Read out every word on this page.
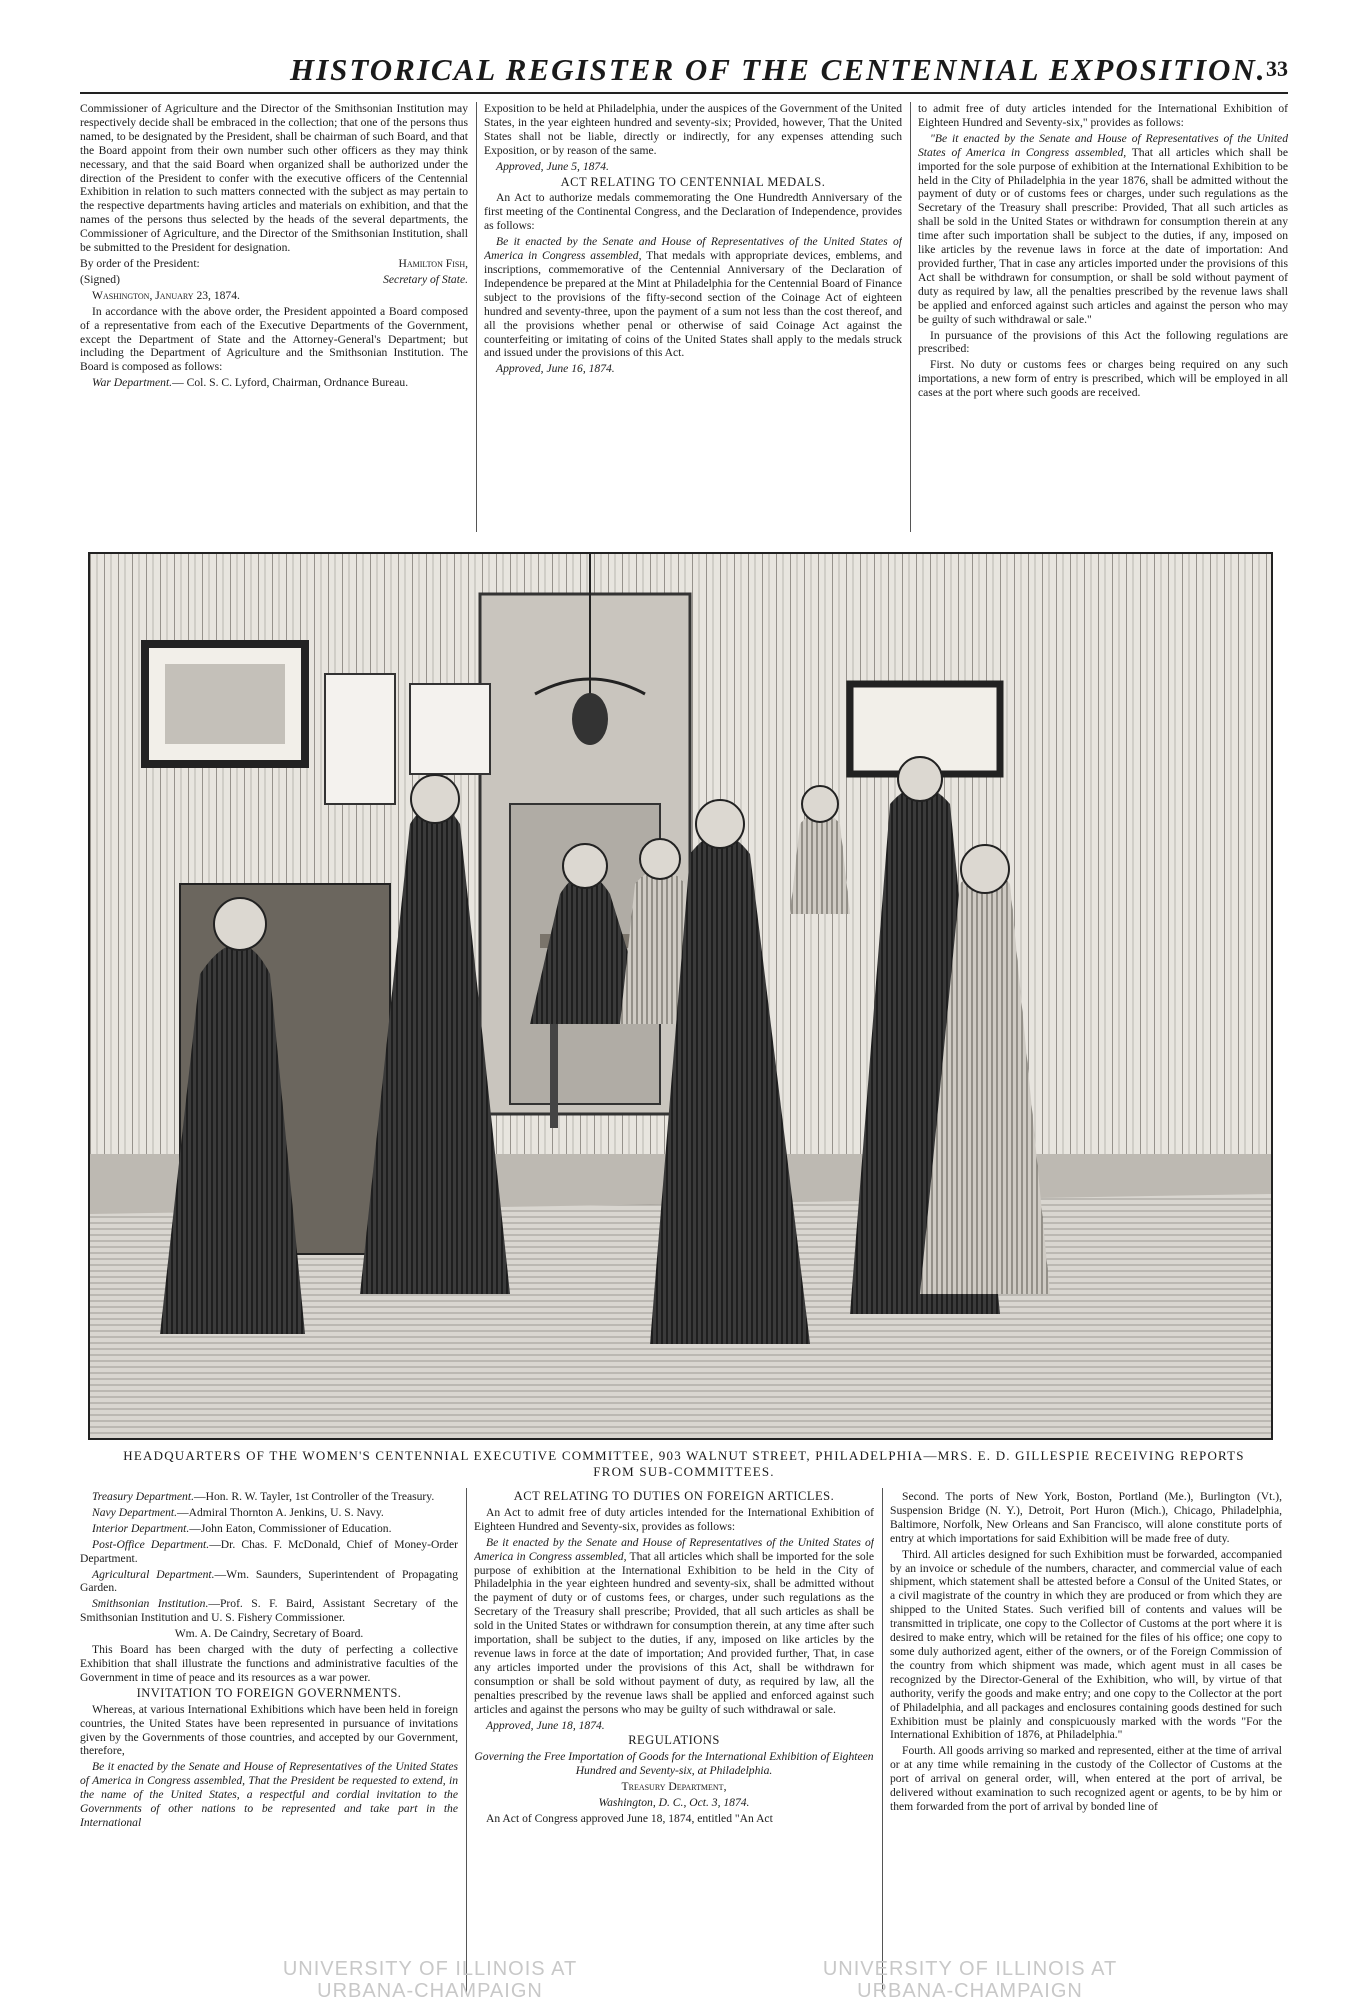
HISTORICAL REGISTER OF THE CENTENNIAL EXPOSITION. 33

Commissioner of Agriculture and the Director of the Smithsonian Institution may respectively decide shall be embraced in the collection; that one of the persons thus named, to be designated by the President, shall be chairman of such Board, and that the Board appoint from their own number such other officers as they may think necessary, and that the said Board when organized shall be authorized under the direction of the President to confer with the executive officers of the Centennial Exhibition in relation to such matters connected with the subject as may pertain to the respective departments having articles and materials on exhibition, and that the names of the persons thus selected by the heads of the several departments, the Commissioner of Agriculture, and the Director of the Smithsonian Institution, shall be submitted to the President for designation.

By order of the President:	Hamilton Fish,

(Signed)	Secretary of State.

Washington, January 23, 1874.

In accordance with the above order, the President appointed a Board composed of a representative from each of the Executive Departments of the Government, except the Department of State and the Attorney-General's Department; but including the Department of Agriculture and the Smithsonian Institution. The Board is composed as follows:

War Department.— Col. S. C. Lyford, Chairman, Ordnance Bureau.

Exposition to be held at Philadelphia, under the auspices of the Government of the United States, in the year eighteen hundred and seventy-six; Provided, however, That the United States shall not be liable, directly or indirectly, for any expenses attending such Exposition, or by reason of the same.

Approved, June 5, 1874.

ACT RELATING TO CENTENNIAL MEDALS.

An Act to authorize medals commemorating the One Hundredth Anniversary of the first meeting of the Continental Congress, and the Declaration of Independence, provides as follows:

Be it enacted by the Senate and House of Representatives of the United States of America in Congress assembled, That medals with appropriate devices, emblems, and inscriptions, commemorative of the Centennial Anniversary of the Declaration of Independence be prepared at the Mint at Philadelphia for the Centennial Board of Finance subject to the provisions of the fifty-second section of the Coinage Act of eighteen hundred and seventy-three, upon the payment of a sum not less than the cost thereof, and all the provisions whether penal or otherwise of said Coinage Act against the counterfeiting or imitating of coins of the United States shall apply to the medals struck and issued under the provisions of this Act.

Approved, June 16, 1874.

to admit free of duty articles intended for the International Exhibition of Eighteen Hundred and Seventy-six," provides as follows:

"Be it enacted by the Senate and House of Representatives of the United States of America in Congress assembled, That all articles which shall be imported for the sole purpose of exhibition at the International Exhibition to be held in the City of Philadelphia in the year 1876, shall be admitted without the payment of duty or of customs fees or charges, under such regulations as the Secretary of the Treasury shall prescribe: Provided, That all such articles as shall be sold in the United States or withdrawn for consumption therein at any time after such importation shall be subject to the duties, if any, imposed on like articles by the revenue laws in force at the date of importation: And provided further, That in case any articles imported under the provisions of this Act shall be withdrawn for consumption, or shall be sold without payment of duty as required by law, all the penalties prescribed by the revenue laws shall be applied and enforced against such articles and against the person who may be guilty of such withdrawal or sale."

In pursuance of the provisions of this Act the following regulations are prescribed:

First. No duty or customs fees or charges being required on any such importations, a new form of entry is prescribed, which will be employed in all cases at the port where such goods are received.

HEADQUARTERS OF THE WOMEN'S CENTENNIAL EXECUTIVE COMMITTEE, 903 WALNUT STREET, PHILADELPHIA—MRS. E. D. GILLESPIE RECEIVING REPORTS FROM SUB-COMMITTEES.

Treasury Department.—Hon. R. W. Tayler, 1st Controller of the Treasury.

Navy Department.—Admiral Thornton A. Jenkins, U. S. Navy.

Interior Department.—John Eaton, Commissioner of Education.

Post-Office Department.—Dr. Chas. F. McDonald, Chief of Money-Order Department.

Agricultural Department.—Wm. Saunders, Superintendent of Propagating Garden.

Smithsonian Institution.—Prof. S. F. Baird, Assistant Secretary of the Smithsonian Institution and U. S. Fishery Commissioner.

Wm. A. De Caindry, Secretary of Board.

This Board has been charged with the duty of perfecting a collective Exhibition that shall illustrate the functions and administrative faculties of the Government in time of peace and its resources as a war power.

INVITATION TO FOREIGN GOVERNMENTS.

Whereas, at various International Exhibitions which have been held in foreign countries, the United States have been represented in pursuance of invitations given by the Governments of those countries, and accepted by our Government, therefore,

Be it enacted by the Senate and House of Representatives of the United States of America in Congress assembled, That the President be requested to extend, in the name of the United States, a respectful and cordial invitation to the Governments of other nations to be represented and take part in the International

ACT RELATING TO DUTIES ON FOREIGN ARTICLES.

An Act to admit free of duty articles intended for the International Exhibition of Eighteen Hundred and Seventy-six, provides as follows:

Be it enacted by the Senate and House of Representatives of the United States of America in Congress assembled, That all articles which shall be imported for the sole purpose of exhibition at the International Exhibition to be held in the City of Philadelphia in the year eighteen hundred and seventy-six, shall be admitted without the payment of duty or of customs fees, or charges, under such regulations as the Secretary of the Treasury shall prescribe; Provided, that all such articles as shall be sold in the United States or withdrawn for consumption therein, at any time after such importation, shall be subject to the duties, if any, imposed on like articles by the revenue laws in force at the date of importation; And provided further, That, in case any articles imported under the provisions of this Act, shall be withdrawn for consumption or shall be sold without payment of duty, as required by law, all the penalties prescribed by the revenue laws shall be applied and enforced against such articles and against the persons who may be guilty of such withdrawal or sale.

Approved, June 18, 1874.

REGULATIONS

Governing the Free Importation of Goods for the International Exhibition of Eighteen Hundred and Seventy-six, at Philadelphia.

Treasury Department,

Washington, D. C., Oct. 3, 1874.

An Act of Congress approved June 18, 1874, entitled "An Act

Second. The ports of New York, Boston, Portland (Me.), Burlington (Vt.), Suspension Bridge (N. Y.), Detroit, Port Huron (Mich.), Chicago, Philadelphia, Baltimore, Norfolk, New Orleans and San Francisco, will alone constitute ports of entry at which importations for said Exhibition will be made free of duty.

Third. All articles designed for such Exhibition must be forwarded, accompanied by an invoice or schedule of the numbers, character, and commercial value of each shipment, which statement shall be attested before a Consul of the United States, or a civil magistrate of the country in which they are produced or from which they are shipped to the United States. Such verified bill of contents and values will be transmitted in triplicate, one copy to the Collector of Customs at the port where it is desired to make entry, which will be retained for the files of his office; one copy to some duly authorized agent, either of the owners, or of the Foreign Commission of the country from which shipment was made, which agent must in all cases be recognized by the Director-General of the Exhibition, who will, by virtue of that authority, verify the goods and make entry; and one copy to the Collector at the port of Philadelphia, and all packages and enclosures containing goods destined for such Exhibition must be plainly and conspicuously marked with the words "For the International Exhibition of 1876, at Philadelphia."

Fourth. All goods arriving so marked and represented, either at the time of arrival or at any time while remaining in the custody of the Collector of Customs at the port of arrival on general order, will, when entered at the port of arrival, be delivered without examination to such recognized agent or agents, to be by him or them forwarded from the port of arrival by bonded line of

UNIVERSITY OF ILLINOIS AT
URBANA-CHAMPAIGN
UNIVERSITY OF ILLINOIS AT
URBANA-CHAMPAIGN
